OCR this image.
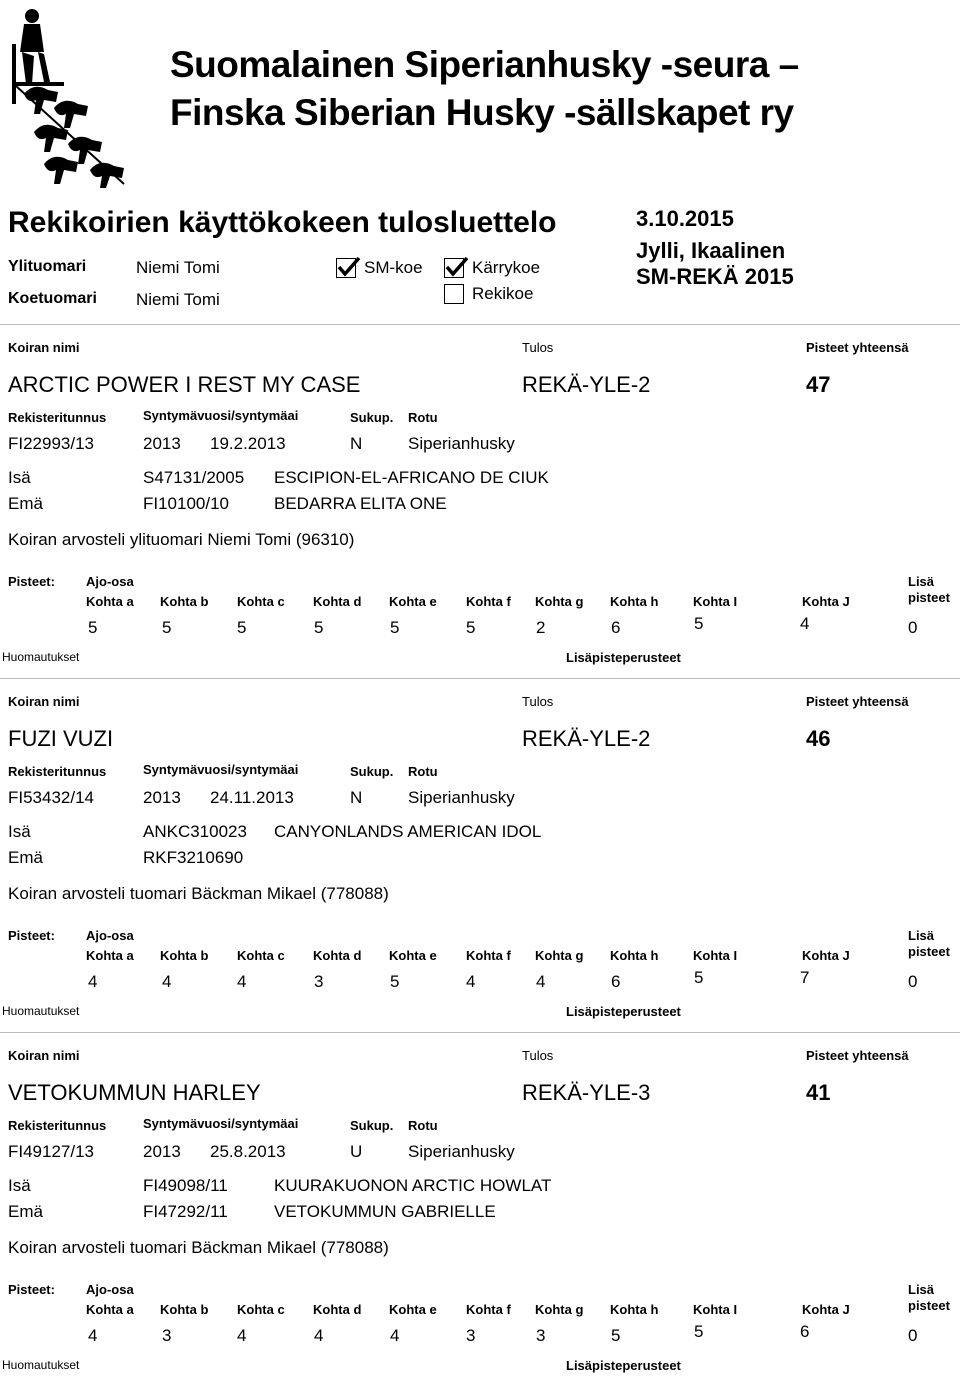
Suomalainen Siperianhusky -seura –
Finska Siberian Husky -sällskapet ry
Rekikoirien käyttökokeen tulosluettelo	3.10.2015
Jylli, Ikaalinen
SM-REKÄ 2015
Ylituomari	Niemi Tomi
Koetuomari Niemi Tomi
SM-koe	Kärrykoe
Rekikoe
Koiran nimi	Tulos	Pisteet yhteensä
ARCTIC POWER I REST MY CASE	REKÄ-YLE-2	47
Rekisteritunnus	Syntymävuosi/syntymäai	Sukup. Rotu
FI22993/13	2013 19.2.2013	N	Siperianhusky
Isä	S47131/2005 ESCIPION-EL-AFRICANO DE CIUK
Emä	FI10100/10	BEDARRA ELITA ONE
Koiran arvosteli ylituomari Niemi Tomi (96310)
Pisteet: Ajo-osa	Lisä
pisteet
Kohta a Kohta b Kohta c Kohta d Kohta e Kohta f Kohta g Kohta h	Kohta I	Kohta J
5	5	5	5	5	5	2	6	5	4	0
Huomautukset	Lisäpisteperusteet
Koiran nimi	Tulos	Pisteet yhteensä
FUZI VUZI	REKÄ-YLE-2	46
Rekisteritunnus	Syntymävuosi/syntymäai	Sukup. Rotu
FI53432/14	2013 24.11.2013	N	Siperianhusky
Isä	ANKC310023 CANYONLANDS AMERICAN IDOL
Emä	RKF3210690
Koiran arvosteli tuomari Bäckman Mikael (778088)
Pisteet: Ajo-osa	Lisä
pisteet
Kohta a Kohta b Kohta c Kohta d Kohta e Kohta f Kohta g Kohta h	Kohta I	Kohta J
4	4	4	3	5	4	4	6	5	7	0
Huomautukset	Lisäpisteperusteet
Koiran nimi	Tulos	Pisteet yhteensä
VETOKUMMUN HARLEY	REKÄ-YLE-3	41
Rekisteritunnus	Syntymävuosi/syntymäai	Sukup. Rotu
FI49127/13	2013 25.8.2013	U	Siperianhusky
Isä	FI49098/11	KUURAKUONON ARCTIC HOWLAT
Emä	FI47292/11	VETOKUMMUN GABRIELLE
Koiran arvosteli tuomari Bäckman Mikael (778088)
Pisteet: Ajo-osa	Lisä
pisteet
Kohta a Kohta b Kohta c Kohta d Kohta e Kohta f Kohta g Kohta h	Kohta I	Kohta J
4	3	4	4	4	3	3	5	5	6	0
Huomautukset	Lisäpisteperusteet
